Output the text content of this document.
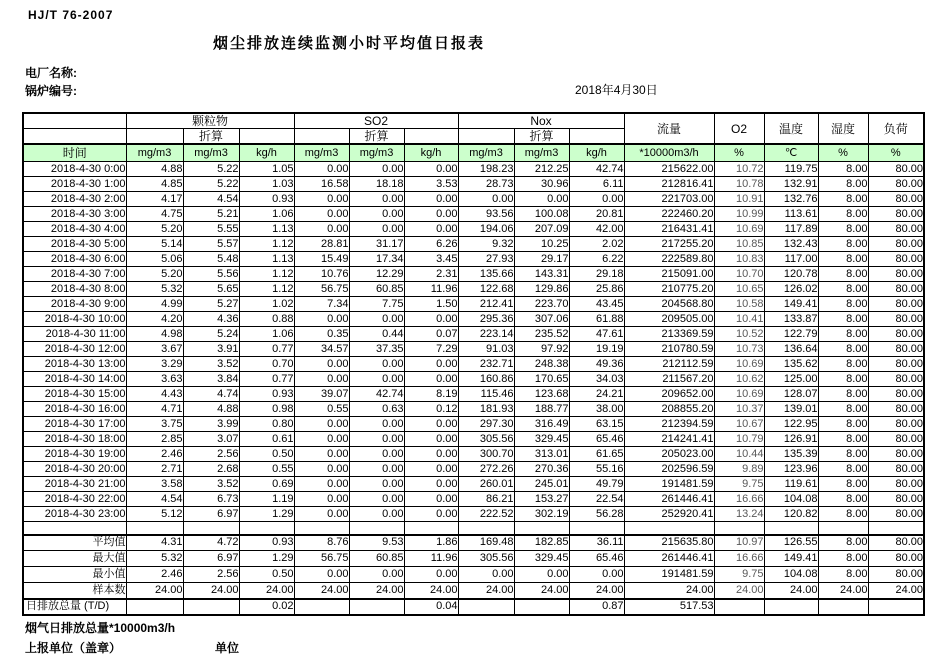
HJ/T 76-2007
烟尘排放连续监测小时平均值日报表
电厂名称:
锅炉编号:	2018年4月30日
	颗粒物			SO2			Nox			流量	O2	温度	湿度	负荷
		折算			折算			折算						
时间	mg/m3	mg/m3	kg/h	mg/m3	mg/m3	kg/h	mg/m3	mg/m3	kg/h	*10000m3/h	%	℃	%	%
2018-4-30 0:00	4.88	5.22	1.05	0.00	0.00	0.00	198.23	212.25	42.74	215622.00	10.72	119.75	8.00	80.00
2018-4-30 1:00	4.85	5.22	1.03	16.58	18.18	3.53	28.73	30.96	6.11	212816.41	10.78	132.91	8.00	80.00
2018-4-30 2:00	4.17	4.54	0.93	0.00	0.00	0.00	0.00	0.00	0.00	221703.00	10.91	132.76	8.00	80.00
2018-4-30 3:00	4.75	5.21	1.06	0.00	0.00	0.00	93.56	100.08	20.81	222460.20	10.99	113.61	8.00	80.00
2018-4-30 4:00	5.20	5.55	1.13	0.00	0.00	0.00	194.06	207.09	42.00	216431.41	10.69	117.89	8.00	80.00
2018-4-30 5:00	5.14	5.57	1.12	28.81	31.17	6.26	9.32	10.25	2.02	217255.20	10.85	132.43	8.00	80.00
2018-4-30 6:00	5.06	5.48	1.13	15.49	17.34	3.45	27.93	29.17	6.22	222589.80	10.83	117.00	8.00	80.00
2018-4-30 7:00	5.20	5.56	1.12	10.76	12.29	2.31	135.66	143.31	29.18	215091.00	10.70	120.78	8.00	80.00
2018-4-30 8:00	5.32	5.65	1.12	56.75	60.85	11.96	122.68	129.86	25.86	210775.20	10.65	126.02	8.00	80.00
2018-4-30 9:00	4.99	5.27	1.02	7.34	7.75	1.50	212.41	223.70	43.45	204568.80	10.58	149.41	8.00	80.00
2018-4-30 10:00	4.20	4.36	0.88	0.00	0.00	0.00	295.36	307.06	61.88	209505.00	10.41	133.87	8.00	80.00
2018-4-30 11:00	4.98	5.24	1.06	0.35	0.44	0.07	223.14	235.52	47.61	213369.59	10.52	122.79	8.00	80.00
2018-4-30 12:00	3.67	3.91	0.77	34.57	37.35	7.29	91.03	97.92	19.19	210780.59	10.73	136.64	8.00	80.00
2018-4-30 13:00	3.29	3.52	0.70	0.00	0.00	0.00	232.71	248.38	49.36	212112.59	10.69	135.62	8.00	80.00
2018-4-30 14:00	3.63	3.84	0.77	0.00	0.00	0.00	160.86	170.65	34.03	211567.20	10.62	125.00	8.00	80.00
2018-4-30 15:00	4.43	4.74	0.93	39.07	42.74	8.19	115.46	123.68	24.21	209652.00	10.69	128.07	8.00	80.00
2018-4-30 16:00	4.71	4.88	0.98	0.55	0.63	0.12	181.93	188.77	38.00	208855.20	10.37	139.01	8.00	80.00
2018-4-30 17:00	3.75	3.99	0.80	0.00	0.00	0.00	297.30	316.49	63.15	212394.59	10.67	122.95	8.00	80.00
2018-4-30 18:00	2.85	3.07	0.61	0.00	0.00	0.00	305.56	329.45	65.46	214241.41	10.79	126.91	8.00	80.00
2018-4-30 19:00	2.46	2.56	0.50	0.00	0.00	0.00	300.70	313.01	61.65	205023.00	10.44	135.39	8.00	80.00
2018-4-30 20:00	2.71	2.68	0.55	0.00	0.00	0.00	272.26	270.36	55.16	202596.59	9.89	123.96	8.00	80.00
2018-4-30 21:00	3.58	3.52	0.69	0.00	0.00	0.00	260.01	245.01	49.79	191481.59	9.75	119.61	8.00	80.00
2018-4-30 22:00	4.54	6.73	1.19	0.00	0.00	0.00	86.21	153.27	22.54	261446.41	16.66	104.08	8.00	80.00
2018-4-30 23:00	5.12	6.97	1.29	0.00	0.00	0.00	222.52	302.19	56.28	252920.41	13.24	120.82	8.00	80.00

平均值	4.31	4.72	0.93	8.76	9.53	1.86	169.48	182.85	36.11	215635.80	10.97	126.55	8.00	80.00
最大值	5.32	6.97	1.29	56.75	60.85	11.96	305.56	329.45	65.46	261446.41	16.66	149.41	8.00	80.00
最小值	2.46	2.56	0.50	0.00	0.00	0.00	0.00	0.00	0.00	191481.59	9.75	104.08	8.00	80.00
样本数	24.00	24.00	24.00	24.00	24.00	24.00	24.00	24.00	24.00	24.00	24.00	24.00	24.00	24.00
日排放总量 (T/D)			0.02			0.04			0.87	517.53				
烟气日排放总量*10000m3/h
上报单位（盖章）	单位
